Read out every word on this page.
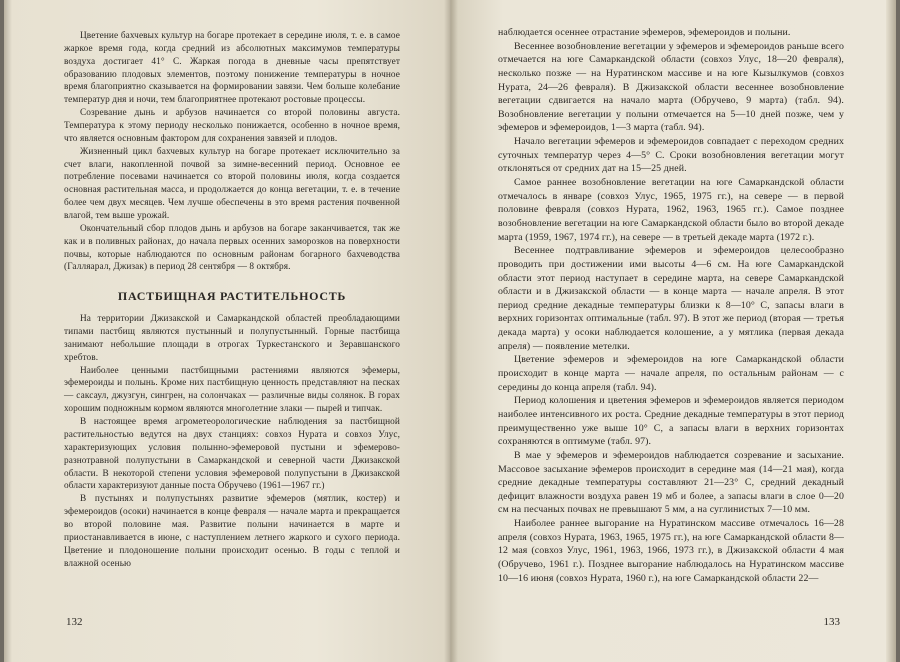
Цветение бахчевых культур на богаре протекает в середине июля, т. е. в самое жаркое время года, когда средний из абсолютных максимумов температуры воздуха достигает 41° С. Жаркая погода в дневные часы препятствует образованию плодовых элементов, поэтому понижение температуры в ночное время благоприятно сказывается на формировании завязи. Чем больше колебание температур дня и ночи, тем благоприятнее протекают ростовые процессы.

Созревание дынь и арбузов начинается со второй половины августа. Температура к этому периоду несколько понижается, особенно в ночное время, что является основным фактором для сохранения завязей и плодов.

Жизненный цикл бахчевых культур на богаре протекает исключительно за счет влаги, накопленной почвой за зимне-весенний период. Основное ее потребление посевами начинается со второй половины июля, когда создается основная растительная масса, и продолжается до конца вегетации, т. е. в течение более чем двух месяцев. Чем лучше обеспечены в это время растения почвенной влагой, тем выше урожай.

Окончательный сбор плодов дынь и арбузов на богаре заканчивается, так же как и в поливных районах, до начала первых осенних заморозков на поверхности почвы, которые наблюдаются по основным районам богарного бахчеводства (Галляарал, Джизак) в период 28 сентября — 8 октября.

ПАСТБИЩНАЯ РАСТИТЕЛЬНОСТЬ

На территории Джизакской и Самаркандской областей преобладающими типами пастбищ являются пустынный и полупустынный. Горные пастбища занимают небольшие площади в отрогах Туркестанского и Зеравшанского хребтов.

Наиболее ценными пастбищными растениями являются эфемеры, эфемероиды и полынь. Кроме них пастбищную ценность представляют на песках — саксаул, джузгун, сингрен, на солончаках — различные виды солянок. В горах хорошим подножным кормом являются многолетние злаки — пырей и типчак.

В настоящее время агрометеорологические наблюдения за пастбищной растительностью ведутся на двух станциях: совхоз Нурата и совхоз Улус, характеризующих условия полынно-эфемеровой пустыни и эфемерово-разнотравной полупустыни в Самаркандской и северной части Джизакской области. В некоторой степени условия эфемеровой полупустыни в Джизакской области характеризуют данные поста Обручево (1961—1967 гг.)

В пустынях и полупустынях развитие эфемеров (мятлик, костер) и эфемероидов (осоки) начинается в конце февраля — начале марта и прекращается во второй половине мая. Развитие полыни начинается в марте и приостанавливается в июне, с наступлением летнего жаркого и сухого периода. Цветение и плодоношение полыни происходит осенью. В годы с теплой и влажной осенью

132

наблюдается осеннее отрастание эфемеров, эфемероидов и полыни.

Весеннее возобновление вегетации у эфемеров и эфемероидов раньше всего отмечается на юге Самаркандской области (совхоз Улус, 18—20 февраля), несколько позже — на Нуратинском массиве и на юге Кызылкумов (совхоз Нурата, 24—26 февраля). В Джизакской области весеннее возобновление вегетации сдвигается на начало марта (Обручево, 9 марта) (табл. 94). Возобновление вегетации у полыни отмечается на 5—10 дней позже, чем у эфемеров и эфемероидов, 1—3 марта (табл. 94).

Начало вегетации эфемеров и эфемероидов совпадает с переходом средних суточных температур через 4—5° С. Сроки возобновления вегетации могут отклоняться от средних дат на 15—25 дней.

Самое раннее возобновление вегетации на юге Самаркандской области отмечалось в январе (совхоз Улус, 1965, 1975 гг.), на севере — в первой половине февраля (совхоз Нурата, 1962, 1963, 1965 гг.). Самое позднее возобновление вегетации на юге Самаркандской области было во второй декаде марта (1959, 1967, 1974 гг.), на севере — в третьей декаде марта (1972 г.).

Весеннее подтравливание эфемеров и эфемероидов целесообразно проводить при достижении ими высоты 4—6 см. На юге Самаркандской области этот период наступает в середине марта, на севере Самаркандской области и в Джизакской области — в конце марта — начале апреля. В этот период средние декадные температуры близки к 8—10° С, запасы влаги в верхних горизонтах оптимальные (табл. 97). В этот же период (вторая — третья декада марта) у осоки наблюдается колошение, а у мятлика (первая декада апреля) — появление метелки.

Цветение эфемеров и эфемероидов на юге Самаркандской области происходит в конце марта — начале апреля, по остальным районам — с середины до конца апреля (табл. 94).

Период колошения и цветения эфемеров и эфемероидов является периодом наиболее интенсивного их роста. Средние декадные температуры в этот период преимущественно уже выше 10° С, а запасы влаги в верхних горизонтах сохраняются в оптимуме (табл. 97).

В мае у эфемеров и эфемероидов наблюдается созревание и засыхание. Массовое засыхание эфемеров происходит в середине мая (14—21 мая), когда средние декадные температуры составляют 21—23° С, средний декадный дефицит влажности воздуха равен 19 мб и более, а запасы влаги в слое 0—20 см на песчаных почвах не превышают 5 мм, а на суглинистых 7—10 мм.

Наиболее раннее выгорание на Нуратинском массиве отмечалось 16—28 апреля (совхоз Нурата, 1963, 1965, 1975 гг.), на юге Самаркандской области 8—12 мая (совхоз Улус, 1961, 1963, 1966, 1973 гг.), в Джизакской области 4 мая (Обручево, 1961 г.). Позднее выгорание наблюдалось на Нуратинском массиве 10—16 июня (совхоз Нурата, 1960 г.), на юге Самаркандской области 22—

133
